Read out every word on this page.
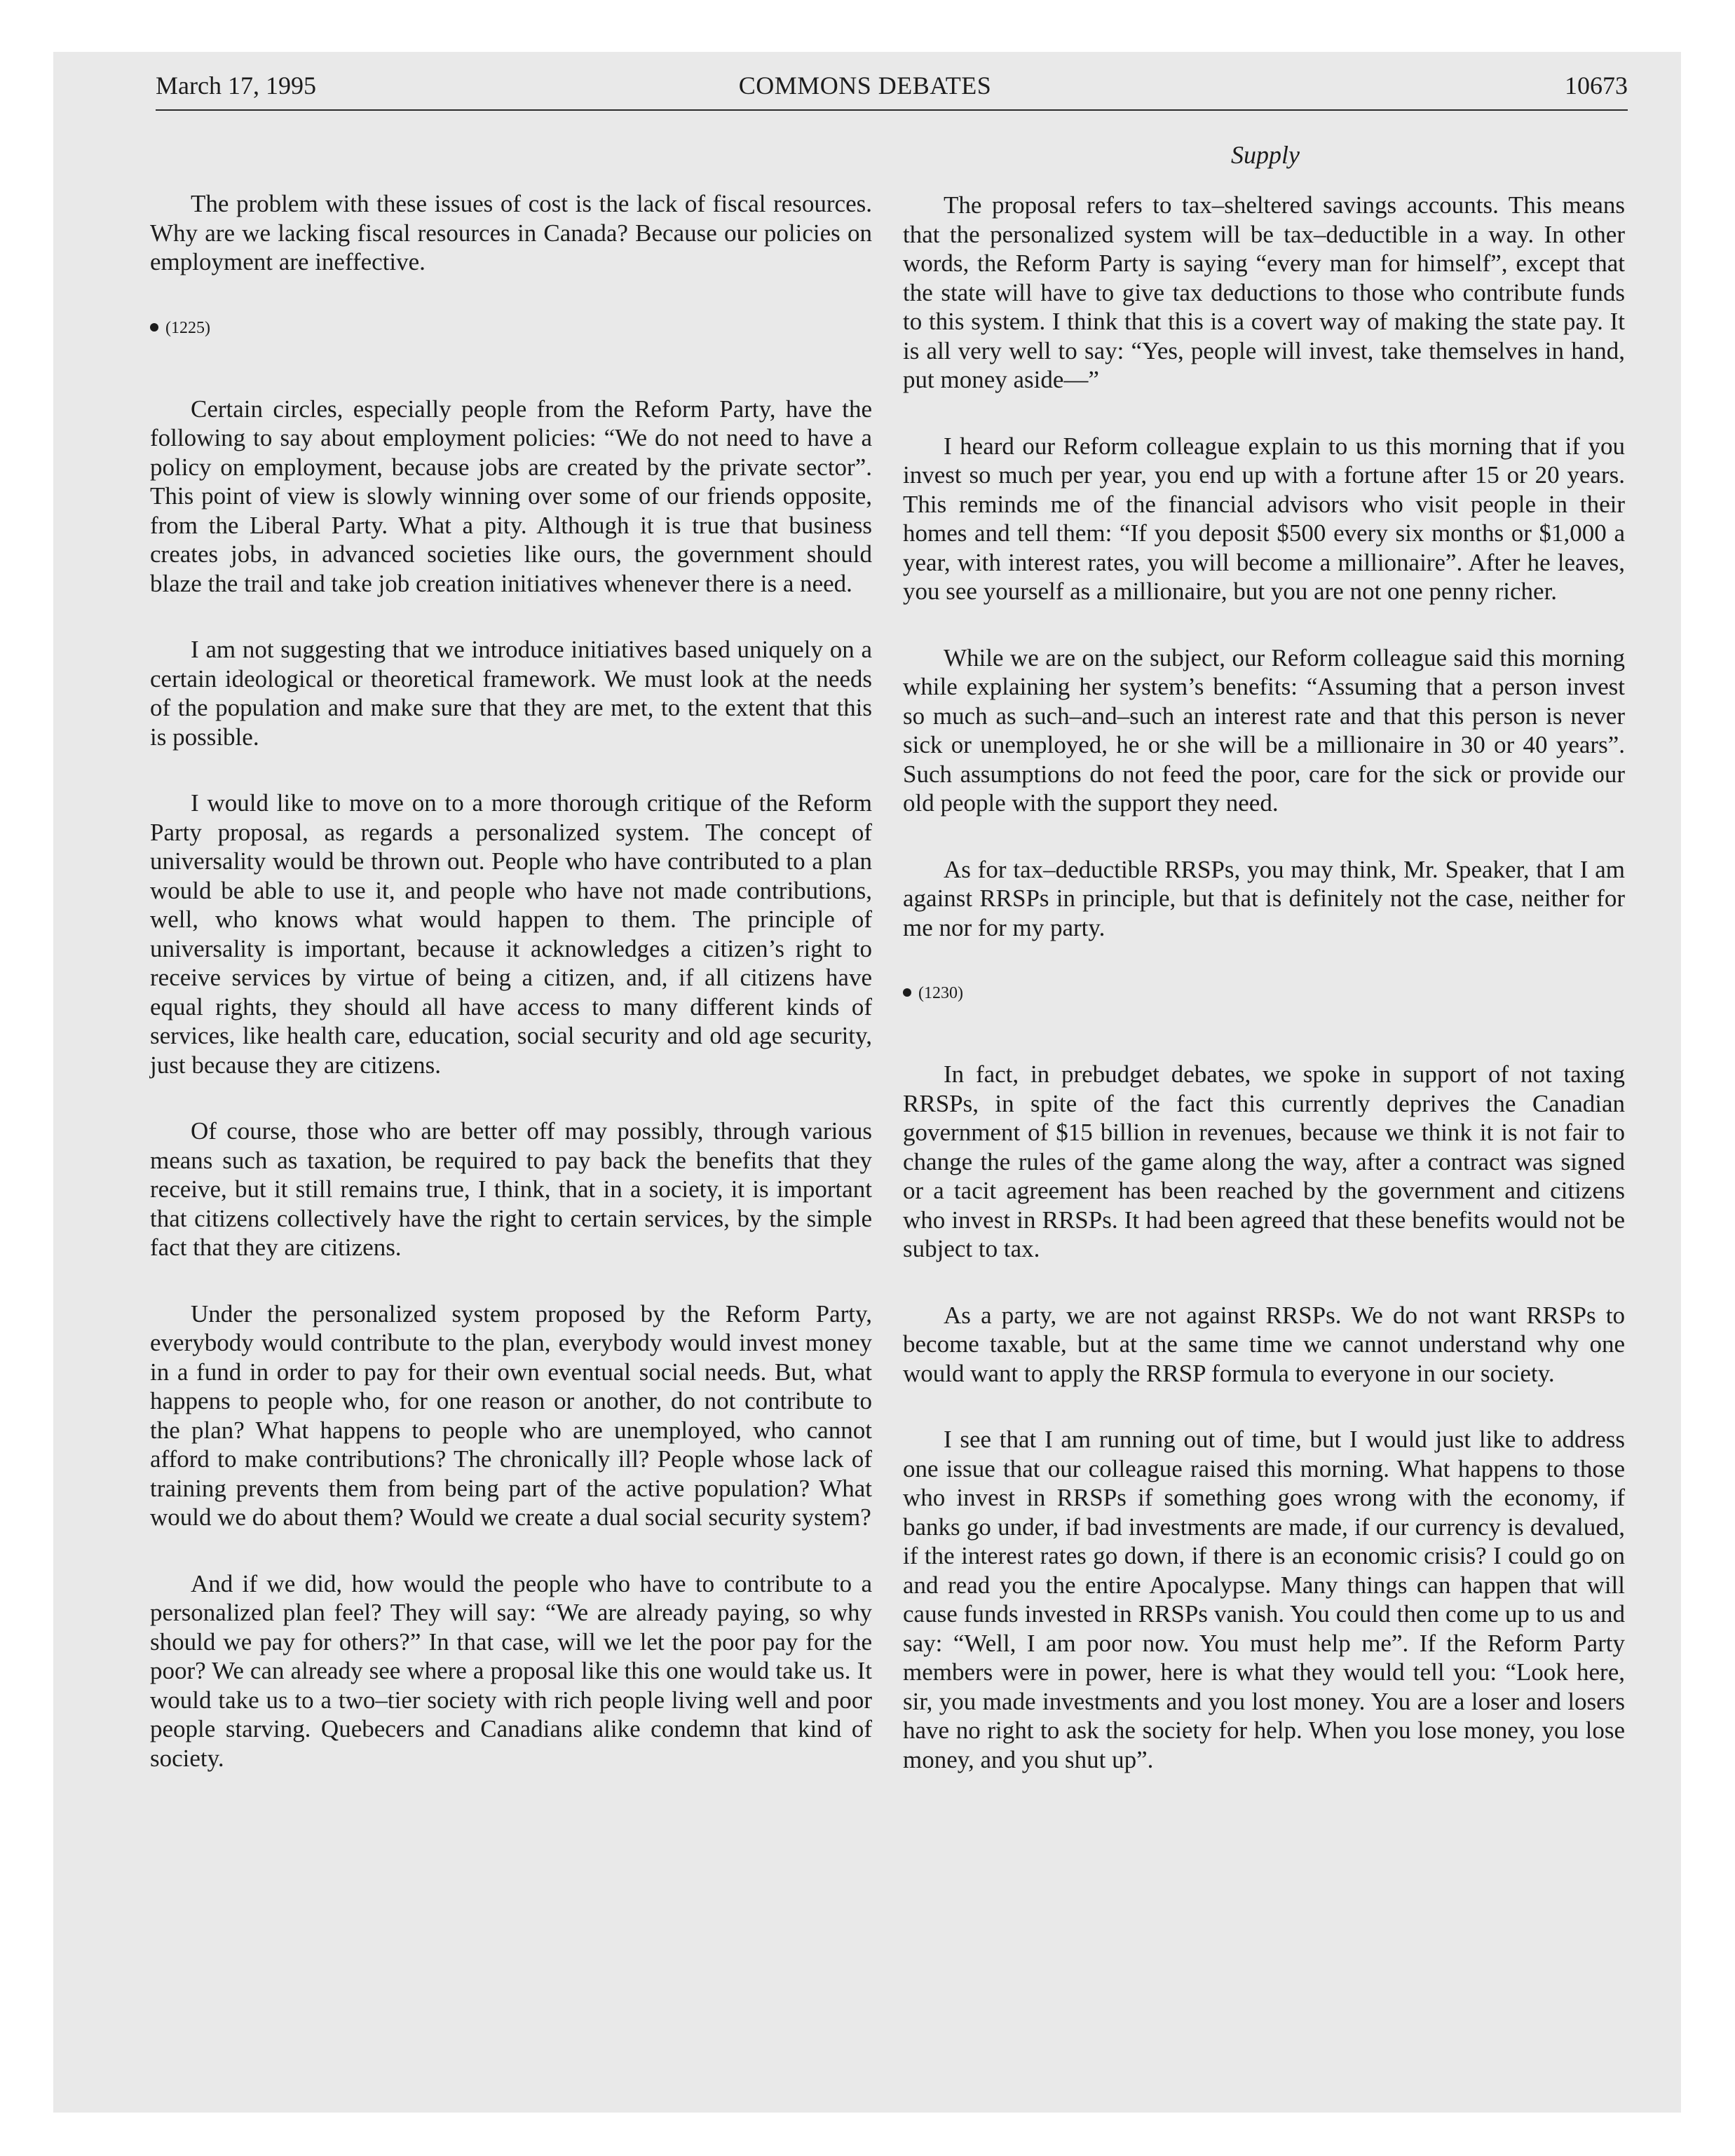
March 17, 1995	COMMONS DEBATES	10673
Supply

The problem with these issues of cost is the lack of fiscal resources. Why are we lacking fiscal resources in Canada? Because our policies on employment are ineffective.

(1225)

Certain circles, especially people from the Reform Party, have the following to say about employment policies: “We do not need to have a policy on employment, because jobs are created by the private sector”. This point of view is slowly winning over some of our friends opposite, from the Liberal Party. What a pity. Although it is true that business creates jobs, in advanced societies like ours, the government should blaze the trail and take job creation initiatives whenever there is a need.

I am not suggesting that we introduce initiatives based uniquely on a certain ideological or theoretical framework. We must look at the needs of the population and make sure that they are met, to the extent that this is possible.

I would like to move on to a more thorough critique of the Reform Party proposal, as regards a personalized system. The concept of universality would be thrown out. People who have contributed to a plan would be able to use it, and people who have not made contributions, well, who knows what would happen to them. The principle of universality is important, because it acknowledges a citizen’s right to receive services by virtue of being a citizen, and, if all citizens have equal rights, they should all have access to many different kinds of services, like health care, education, social security and old age security, just because they are citizens.

Of course, those who are better off may possibly, through various means such as taxation, be required to pay back the benefits that they receive, but it still remains true, I think, that in a society, it is important that citizens collectively have the right to certain services, by the simple fact that they are citizens.

Under the personalized system proposed by the Reform Party, everybody would contribute to the plan, everybody would invest money in a fund in order to pay for their own eventual social needs. But, what happens to people who, for one reason or another, do not contribute to the plan? What happens to people who are unemployed, who cannot afford to make contributions? The chronically ill? People whose lack of training prevents them from being part of the active population? What would we do about them? Would we create a dual social security system?

And if we did, how would the people who have to contribute to a personalized plan feel? They will say: “We are already paying, so why should we pay for others?” In that case, will we let the poor pay for the poor? We can already see where a proposal like this one would take us. It would take us to a two–tier society with rich people living well and poor people starving. Quebecers and Canadians alike condemn that kind of society.

The proposal refers to tax–sheltered savings accounts. This means that the personalized system will be tax–deductible in a way. In other words, the Reform Party is saying “every man for himself”, except that the state will have to give tax deductions to those who contribute funds to this system. I think that this is a covert way of making the state pay. It is all very well to say: “Yes, people will invest, take themselves in hand, put money aside—”

I heard our Reform colleague explain to us this morning that if you invest so much per year, you end up with a fortune after 15 or 20 years. This reminds me of the financial advisors who visit people in their homes and tell them: “If you deposit $500 every six months or $1,000 a year, with interest rates, you will become a millionaire”. After he leaves, you see yourself as a millionaire, but you are not one penny richer.

While we are on the subject, our Reform colleague said this morning while explaining her system’s benefits: “Assuming that a person invest so much as such–and–such an interest rate and that this person is never sick or unemployed, he or she will be a millionaire in 30 or 40 years”. Such assumptions do not feed the poor, care for the sick or provide our old people with the support they need.

As for tax–deductible RRSPs, you may think, Mr. Speaker, that I am against RRSPs in principle, but that is definitely not the case, neither for me nor for my party.

(1230)

In fact, in prebudget debates, we spoke in support of not taxing RRSPs, in spite of the fact this currently deprives the Canadian government of $15 billion in revenues, because we think it is not fair to change the rules of the game along the way, after a contract was signed or a tacit agreement has been reached by the government and citizens who invest in RRSPs. It had been agreed that these benefits would not be subject to tax.

As a party, we are not against RRSPs. We do not want RRSPs to become taxable, but at the same time we cannot understand why one would want to apply the RRSP formula to everyone in our society.

I see that I am running out of time, but I would just like to address one issue that our colleague raised this morning. What happens to those who invest in RRSPs if something goes wrong with the economy, if banks go under, if bad investments are made, if our currency is devalued, if the interest rates go down, if there is an economic crisis? I could go on and read you the entire Apocalypse. Many things can happen that will cause funds invested in RRSPs vanish. You could then come up to us and say: “Well, I am poor now. You must help me”. If the Reform Party members were in power, here is what they would tell you: “Look here, sir, you made investments and you lost money. You are a loser and losers have no right to ask the society for help. When you lose money, you lose money, and you shut up”.
